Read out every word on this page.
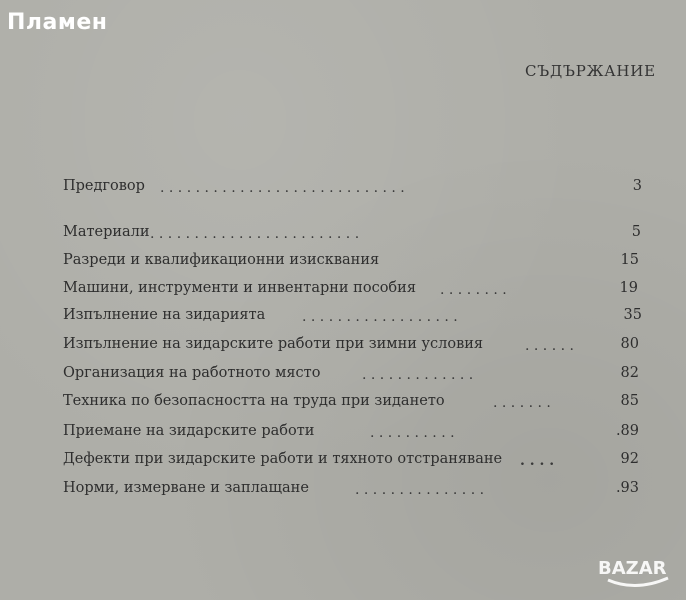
Пламен
СЪДЪРЖАНИЕ
Предговор . . . . . . . . . . . . . . . . . . . . . . . . . . . .	3
Материали . . . . . . . . . . . . . . . . . . . . . . . .	5
Разреди и квалификационни изисквания	15
Машини, инструменти и инвентарни пособия . . . . . . . .	19
Изпълнение на зидарията	. . . . . . . . . . . . . . . . . .	35
Изпълнение на зидарските работи при зимни условия	. . . . . .	80
Организация на работното място	. . . . . . . . . . . . .	82
Техника по безопасността на труда при зидането	. . . . . . .	85
Приемане на зидарските работи	. . . . . . . . . .	.89
Дефекти при зидарските работи и тяхното отстраняване . . . .	92
Норми, измерване и заплащане	. . . . . . . . . . . . . . .	.93
BAZAR
